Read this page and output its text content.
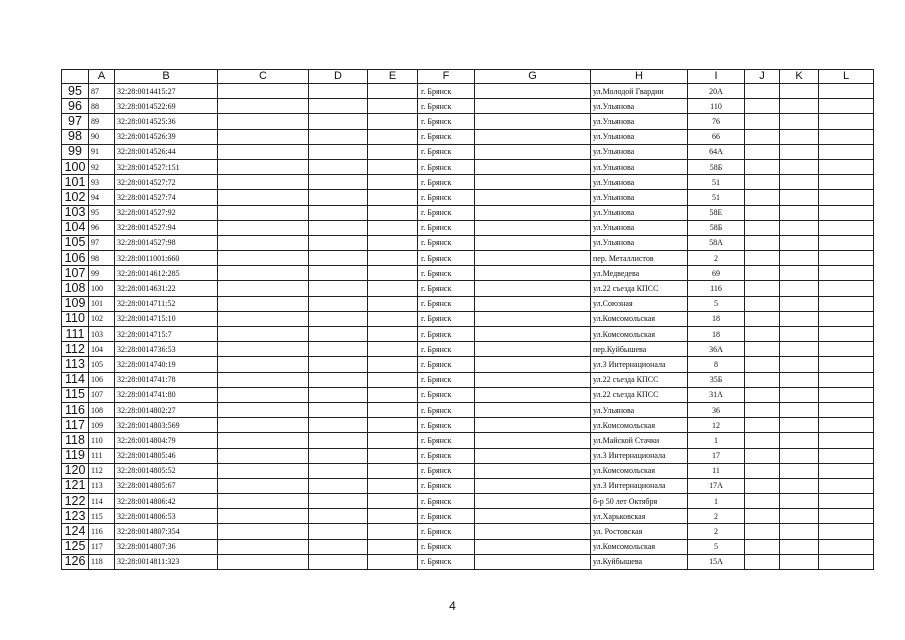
	A	B	C	D	E	F	G	H	I	J	K	L
95	87	32:28:0014415:27				г. Брянск		ул.Молодой Гвардии	20А			
96	88	32:28:0014522:69				г. Брянск		ул.Ульянова	110			
97	89	32:28:0014525:36				г. Брянск		ул.Ульянова	76			
98	90	32:28:0014526:39				г. Брянск		ул.Ульянова	66			
99	91	32:28:0014526:44				г. Брянск		ул.Ульянова	64А			
100	92	32:28:0014527:151				г. Брянск		ул.Ульянова	58Б			
101	93	32:28:0014527:72				г. Брянск		ул.Ульянова	51			
102	94	32:28:0014527:74				г. Брянск		ул.Ульянова	51			
103	95	32:28:0014527:92				г. Брянск		ул.Ульянова	58Е			
104	96	32:28:0014527:94				г. Брянск		ул.Ульянова	58Б			
105	97	32:28:0014527:98				г. Брянск		ул.Ульянова	58А			
106	98	32:28:0011001:660				г. Брянск		пер. Металлистов	2			
107	99	32:28:0014612:285				г. Брянск		ул.Медведева	69			
108	100	32:28:0014631:22				г. Брянск		ул.22 съезда КПСС	116			
109	101	32:28:0014711:52				г. Брянск		ул.Союзная	5			
110	102	32:28:0014715:10				г. Брянск		ул.Комсомольская	18			
111	103	32:28:0014715:7				г. Брянск		ул.Комсомольская	18			
112	104	32:28:0014736:53				г. Брянск		пер.Куйбышева	36А			
113	105	32:28:0014740:19				г. Брянск		ул.3 Интернационала	8			
114	106	32:28:0014741:78				г. Брянск		ул.22 съезда КПСС	35Б			
115	107	32:28:0014741:80				г. Брянск		ул.22 съезда КПСС	31А			
116	108	32:28:0014802:27				г. Брянск		ул.Ульянова	36			
117	109	32:28:0014803:569				г. Брянск		ул.Комсомольская	12			
118	110	32:28:0014804:79				г. Брянск		ул.Майской Стачки	1			
119	111	32:28:0014805:46				г. Брянск		ул.3 Интернационала	17			
120	112	32:28:0014805:52				г. Брянск		ул.Комсомольская	11			
121	113	32:28:0014805:67				г. Брянск		ул.3 Интернационала	17А			
122	114	32:28:0014806:42				г. Брянск		б-р 50 лет Октября	1			
123	115	32:28:0014806:53				г. Брянск		ул.Харьковская	2			
124	116	32:28:0014807:354				г. Брянск		ул. Ростовская	2			
125	117	32:28:0014807:36				г. Брянск		ул.Комсомольская	5			
126	118	32:28:0014811:323				г. Брянск		ул.Куйбышева	15А			
4
